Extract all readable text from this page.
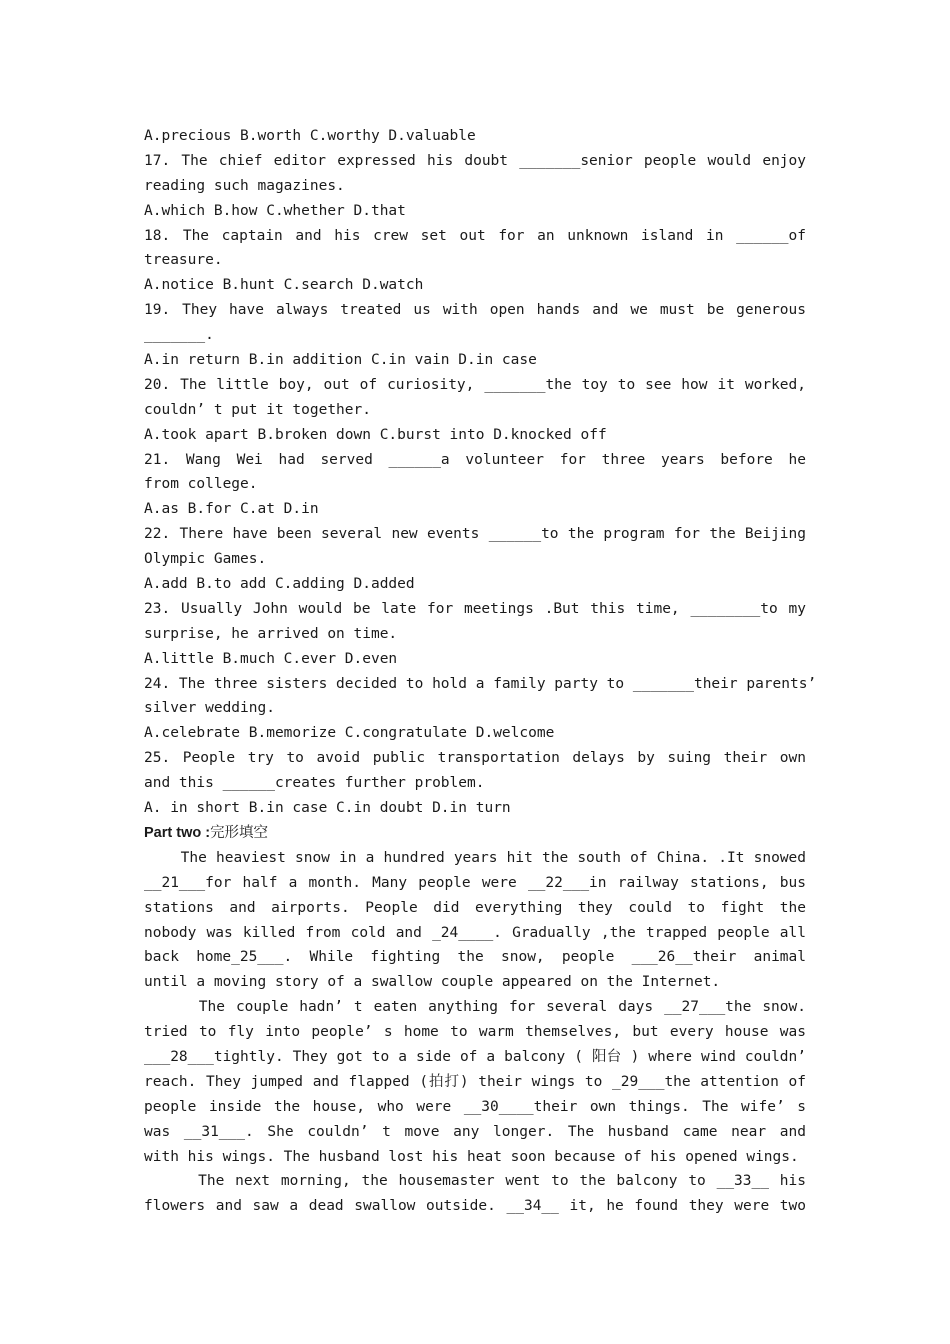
A.precious B.worth C.worthy D.valuable
17. The chief editor expressed his doubt _______senior people would enjoy
reading such magazines.
A.which B.how C.whether D.that
18. The captain and his crew set out for an unknown island in ______of
treasure.
A.notice B.hunt C.search D.watch
19. They have always treated us with open hands and we must be generous
_______.
A.in return B.in addition C.in vain D.in case
20. The little boy, out of curiosity, _______the toy to see how it worked,
couldn’ t put it together.
A.took apart B.broken down C.burst into D.knocked off
21. Wang Wei had served ______a volunteer for three years before he
from college.
A.as B.for C.at D.in
22. There have been several new events ______to the program for the Beijing
Olympic Games.
A.add B.to add C.adding D.added
23. Usually John would be late for meetings .But this time, ________to my
surprise, he arrived on time.
A.little B.much C.ever D.even
24. The three sisters decided to hold a family party to _______their parents’
silver wedding.
A.celebrate B.memorize C.congratulate D.welcome
25. People try to avoid public transportation delays by suing their own
and this ______creates further problem.
A. in short B.in case C.in doubt D.in turn
Part two :完形填空
The heaviest snow in a hundred years hit the south of China. .It snowed
__21___for half a month. Many people were __22___in railway stations, bus
stations and airports. People did everything they could to fight the
nobody was killed from cold and _24____. Gradually ,the trapped people all
back home_25___. While fighting the snow, people ___26__their animal
until a moving story of a swallow couple appeared on the Internet.
The couple hadn’ t eaten anything for several days __27___the snow.
tried to fly into people’ s home to warm themselves, but every house was
___28___tightly. They got to a side of a balcony ( 阳台 ) where wind couldn’
reach. They jumped and flapped (拍打) their wings to _29___the attention of
people inside the house, who were __30____their own things. The wife’ s
was __31___. She couldn’ t move any longer. The husband came near and
with his wings. The husband lost his heat soon because of his opened wings.
The next morning, the housemaster went to the balcony to __33__ his
flowers and saw a dead swallow outside. __34__ it, he found they were two
